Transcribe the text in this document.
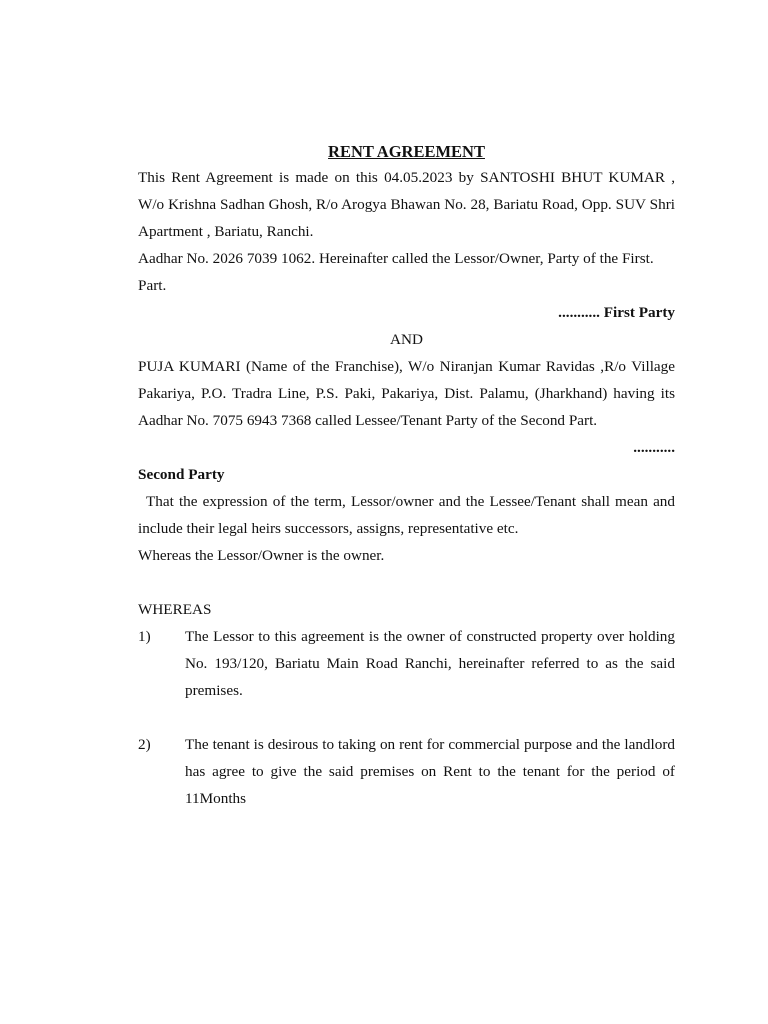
RENT AGREEMENT

This Rent Agreement is made on this 04.05.2023 by SANTOSHI BHUT KUMAR , W/o Krishna Sadhan Ghosh, R/o Arogya Bhawan No. 28, Bariatu Road, Opp. SUV Shri Apartment , Bariatu, Ranchi.

Aadhar No. 2026 7039 1062. Hereinafter called the Lessor/Owner, Party of the First. Part.

........... First Party

AND

PUJA KUMARI (Name of the Franchise), W/o Niranjan Kumar Ravidas ,R/o Village Pakariya, P.O. Tradra Line, P.S. Paki, Pakariya, Dist. Palamu, (Jharkhand) having its Aadhar No. 7075 6943 7368 called Lessee/Tenant Party of the Second Part.

...........

Second Party

That the expression of the term, Lessor/owner and the Lessee/Tenant shall mean and include their legal heirs successors, assigns, representative etc.

Whereas the Lessor/Owner is the owner.

WHEREAS

1)	The Lessor to this agreement is the owner of constructed property over holding No. 193/120, Bariatu Main Road Ranchi, hereinafter referred to as the said premises.
2)	The tenant is desirous to taking on rent for commercial purpose and the landlord has agree to give the said premises on Rent to the tenant for the period of 11Months
